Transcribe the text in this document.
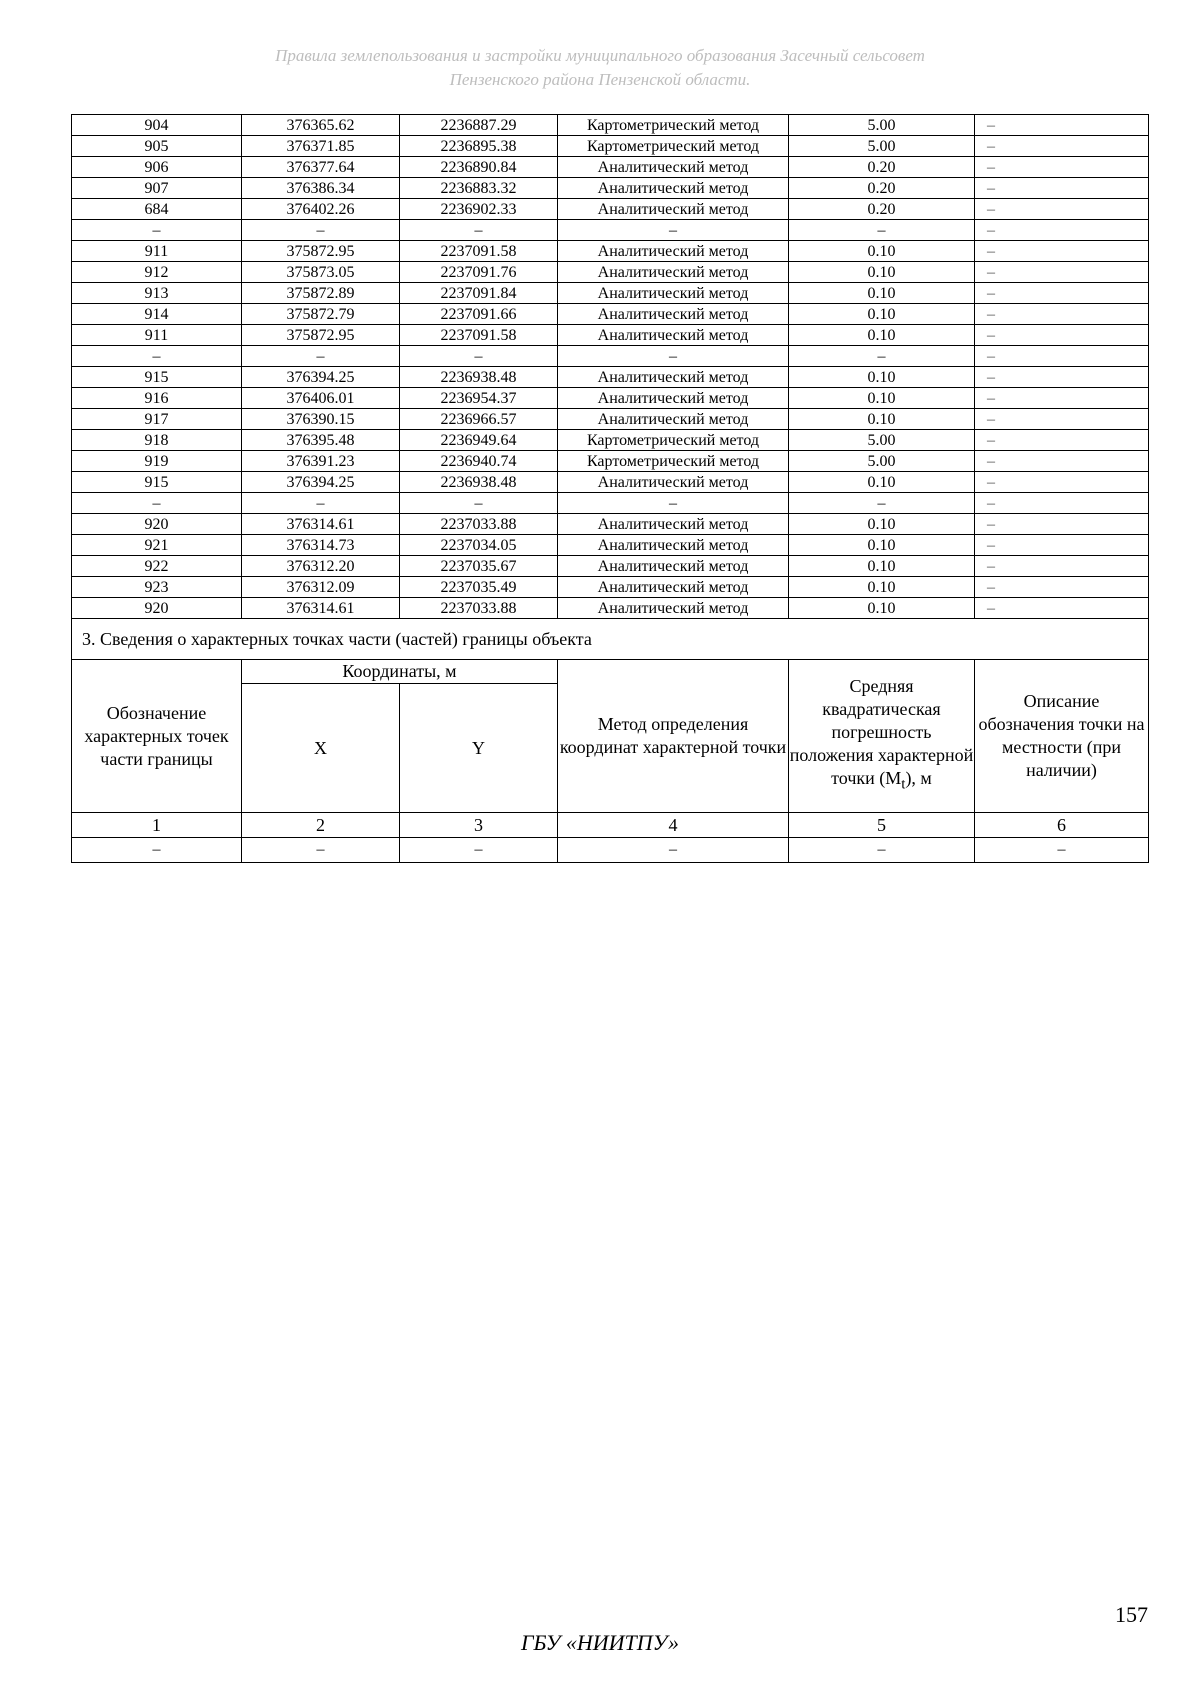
Правила землепользования и застройки муниципального образования Засечный сельсовет
Пензенского района Пензенской области.
904	376365.62	2236887.29	Картометрический метод	5.00	–
905	376371.85	2236895.38	Картометрический метод	5.00	–
906	376377.64	2236890.84	Аналитический метод	0.20	–
907	376386.34	2236883.32	Аналитический метод	0.20	–
684	376402.26	2236902.33	Аналитический метод	0.20	–
–	–	–	–	–	–
911	375872.95	2237091.58	Аналитический метод	0.10	–
912	375873.05	2237091.76	Аналитический метод	0.10	–
913	375872.89	2237091.84	Аналитический метод	0.10	–
914	375872.79	2237091.66	Аналитический метод	0.10	–
911	375872.95	2237091.58	Аналитический метод	0.10	–
–	–	–	–	–	–
915	376394.25	2236938.48	Аналитический метод	0.10	–
916	376406.01	2236954.37	Аналитический метод	0.10	–
917	376390.15	2236966.57	Аналитический метод	0.10	–
918	376395.48	2236949.64	Картометрический метод	5.00	–
919	376391.23	2236940.74	Картометрический метод	5.00	–
915	376394.25	2236938.48	Аналитический метод	0.10	–
–	–	–	–	–	–
920	376314.61	2237033.88	Аналитический метод	0.10	–
921	376314.73	2237034.05	Аналитический метод	0.10	–
922	376312.20	2237035.67	Аналитический метод	0.10	–
923	376312.09	2237035.49	Аналитический метод	0.10	–
920	376314.61	2237033.88	Аналитический метод	0.10	–
3. Сведения о характерных точках части (частей) границы объекта					
Обозначение характерных точек части границы	Координаты, м		Метод определения координат характерной точки	Средняя квадратическая погрешность положения характерной точки $(M_t)$, м	Описание обозначения точки на местности (при наличии)
	X	Y			
1	2	3	4	5	6
–	–	–	–	–	–
157
ГБУ «НИИТПУ»
